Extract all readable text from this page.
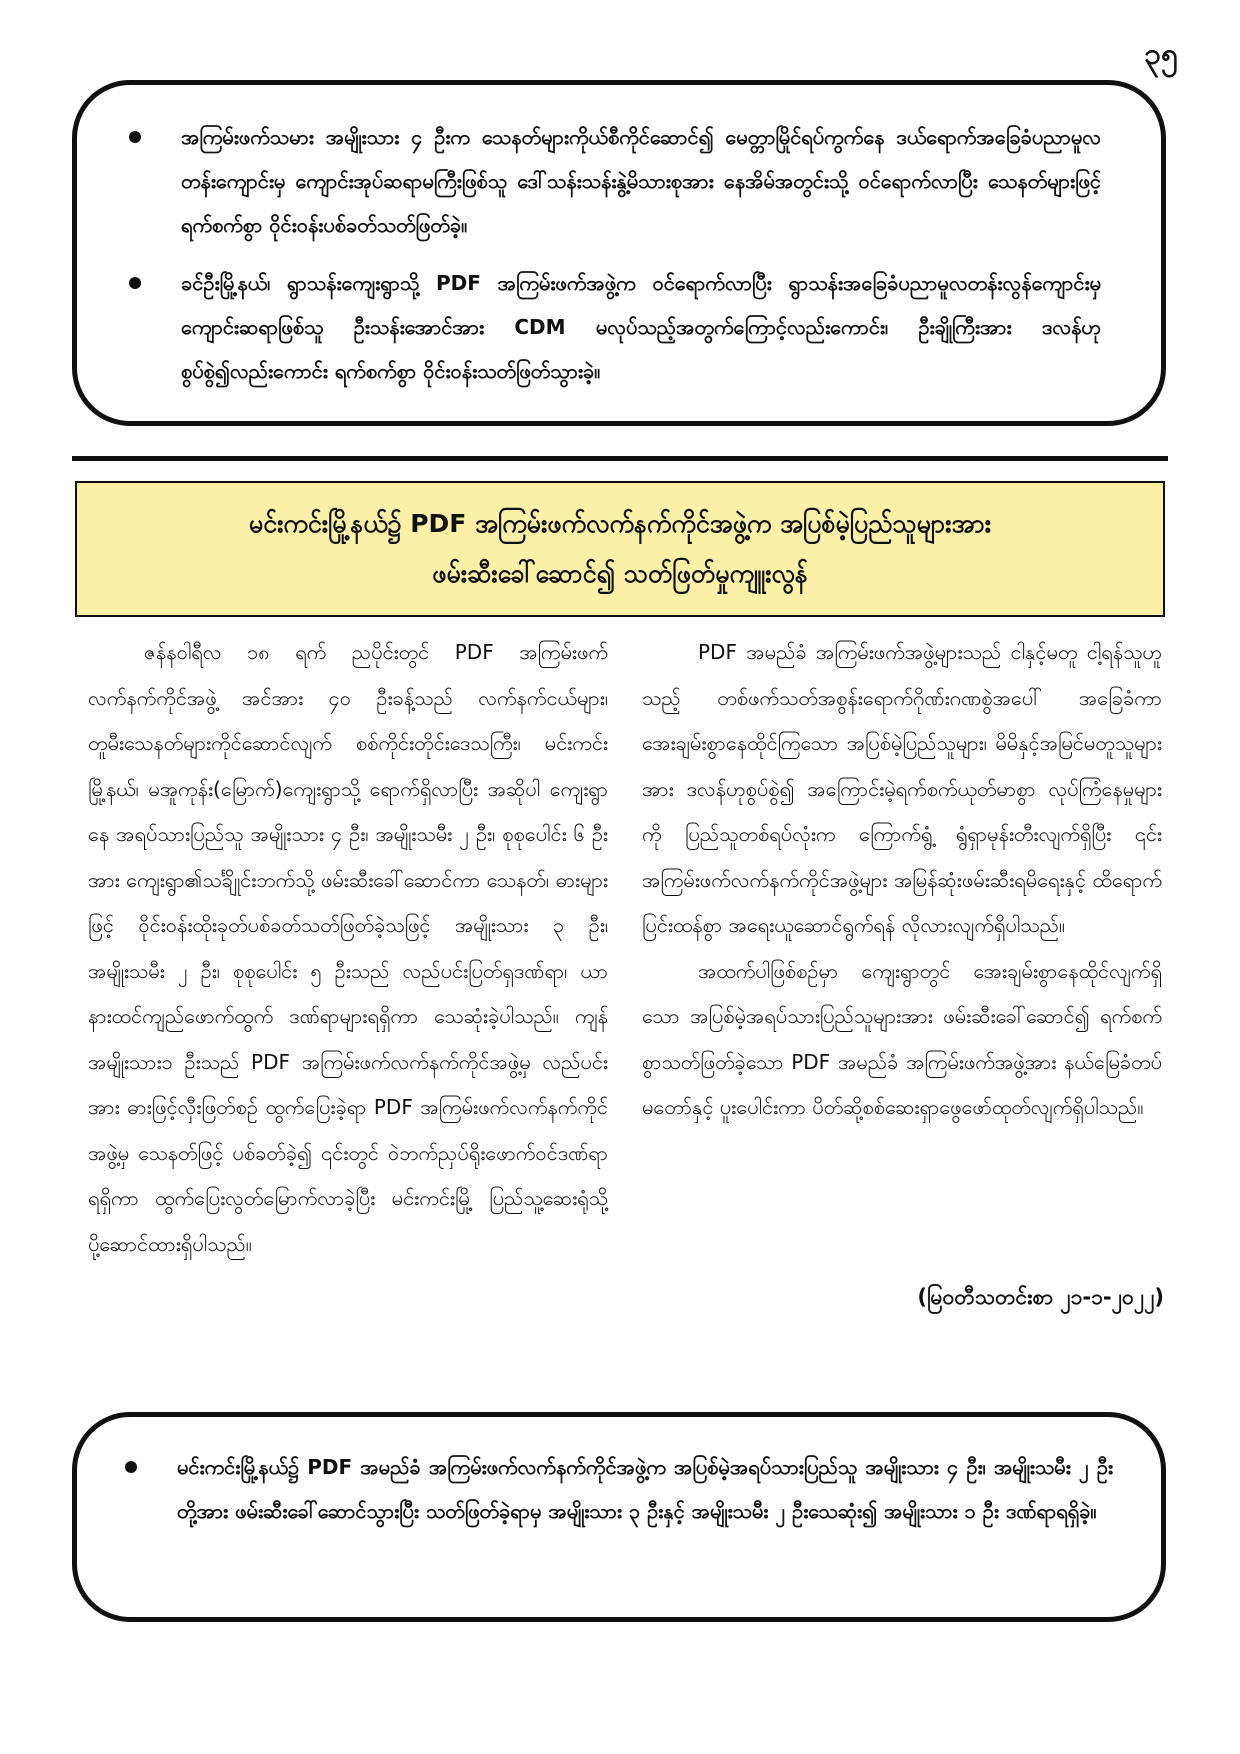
၃၅
အကြမ်းဖက်သမား အမျိုးသား ၄ ဦးက သေနတ်များကိုယ်စီကိုင်ဆောင်၍ မေတ္တာမြိုင်ရပ်ကွက်နေ ဒယ်ရောက်အခြေခံပညာမူလတန်းကျောင်းမှ ကျောင်းအုပ်ဆရာမကြီးဖြစ်သူ ဒေါ်သန်းသန်းနွဲ့မိသားစုအား နေအိမ်အတွင်းသို့ ဝင်ရောက်လာပြီး သေနတ်များဖြင့် ရက်စက်စွာ ဝိုင်းဝန်းပစ်ခတ်သတ်ဖြတ်ခဲ့။
ခင်ဦးမြို့နယ်၊ ရွာသန်းကျေးရွာသို့ PDF အကြမ်းဖက်အဖွဲ့က ဝင်ရောက်လာပြီး ရွာသန်းအခြေခံပညာမူလတန်းလွန်ကျောင်းမှ ကျောင်းဆရာဖြစ်သူ ဦးသန်းအောင်အား CDM မလုပ်သည့်အတွက်ကြောင့်လည်းကောင်း၊ ဦးချိုကြီးအား ဒလန်ဟုစွပ်စွဲ၍လည်းကောင်း ရက်စက်စွာ ဝိုင်းဝန်းသတ်ဖြတ်သွားခဲ့။
မင်းကင်းမြို့နယ်၌ PDF အကြမ်းဖက်လက်နက်ကိုင်အဖွဲ့က အပြစ်မဲ့ပြည်သူများအား
ဖမ်းဆီးခေါ်ဆောင်၍ သတ်ဖြတ်မှုကျူးလွန်

ဇန်နဝါရီလ ၁၈ ရက် ညပိုင်းတွင် PDF အကြမ်းဖက်လက်နက်ကိုင်အဖွဲ့ အင်အား ၄၀ ဦးခန့်သည် လက်နက်ငယ်များ၊ တူမီးသေနတ်များကိုင်ဆောင်လျက် စစ်ကိုင်းတိုင်းဒေသကြီး၊ မင်းကင်းမြို့နယ်၊ မအူကုန်း(မြောက်)ကျေးရွာသို့ ရောက်ရှိလာပြီး အဆိုပါ ကျေးရွာနေ အရပ်သားပြည်သူ အမျိုးသား ၄ ဦး၊ အမျိုးသမီး ၂ ဦး၊ စုစုပေါင်း ၆ ဦးအား ကျေးရွာ၏သင်္ချိုင်းဘက်သို့ ဖမ်းဆီးခေါ်ဆောင်ကာ သေနတ်၊ ဓားများဖြင့် ဝိုင်းဝန်းထိုးခုတ်ပစ်ခတ်သတ်ဖြတ်ခဲ့သဖြင့် အမျိုးသား ၃ ဦး၊ အမျိုးသမီး ၂ ဦး၊ စုစုပေါင်း ၅ ဦးသည် လည်ပင်းပြတ်ရှဒဏ်ရာ၊ ယာနားထင်ကျည်ဖောက်ထွက် ဒဏ်ရာများရရှိကာ သေဆုံးခဲ့ပါသည်။ ကျန်အမျိုးသား၁ ဦးသည် PDF အကြမ်းဖက်လက်နက်ကိုင်အဖွဲ့မှ လည်ပင်းအား ဓားဖြင့်လှီးဖြတ်စဉ် ထွက်ပြေးခဲ့ရာ PDF အကြမ်းဖက်လက်နက်ကိုင်အဖွဲ့မှ သေနတ်ဖြင့် ပစ်ခတ်ခဲ့၍ ၎င်းတွင် ဝဲဘက်ညှပ်ရိုးဖောက်ဝင်ဒဏ်ရာရရှိကာ ထွက်ပြေးလွတ်မြောက်လာခဲ့ပြီး မင်းကင်းမြို့ ပြည်သူ့ဆေးရုံသို့ ပို့ဆောင်ထားရှိပါသည်။

PDF အမည်ခံ အကြမ်းဖက်အဖွဲ့များသည် ငါနှင့်မတူ ငါ့ရန်သူဟူသည့် တစ်ဖက်သတ်အစွန်းရောက်ဂိုဏ်းဂဏစွဲအပေါ် အခြေခံကာ အေးချမ်းစွာနေထိုင်ကြသော အပြစ်မဲ့ပြည်သူများ၊ မိမိနှင့်အမြင်မတူသူများအား ဒလန်ဟုစွပ်စွဲ၍ အကြောင်းမဲ့ရက်စက်ယုတ်မာစွာ လုပ်ကြံနေမှုများကို ပြည်သူတစ်ရပ်လုံးက ကြောက်ရွံ့ ရွံရှာမုန်းတီးလျက်ရှိပြီး ၎င်းအကြမ်းဖက်လက်နက်ကိုင်အဖွဲ့များ အမြန်ဆုံးဖမ်းဆီးရမိရေးနှင့် ထိရောက်ပြင်းထန်စွာ အရေးယူဆောင်ရွက်ရန် လိုလားလျက်ရှိပါသည်။

အထက်ပါဖြစ်စဉ်မှာ ကျေးရွာတွင် အေးချမ်းစွာနေထိုင်လျက်ရှိသော အပြစ်မဲ့အရပ်သားပြည်သူများအား ဖမ်းဆီးခေါ်ဆောင်၍ ရက်စက်စွာသတ်ဖြတ်ခဲ့သော PDF အမည်ခံ အကြမ်းဖက်အဖွဲ့အား နယ်မြေခံတပ်မတော်နှင့် ပူးပေါင်းကာ ပိတ်ဆို့စစ်ဆေးရှာဖွေဖော်ထုတ်လျက်ရှိပါသည်။

(မြဝတီသတင်းစာ ၂၁-၁-၂၀၂၂)
မင်းကင်းမြို့နယ်၌ PDF အမည်ခံ အကြမ်းဖက်လက်နက်ကိုင်အဖွဲ့က အပြစ်မဲ့အရပ်သားပြည်သူ အမျိုးသား ၄ ဦး၊ အမျိုးသမီး ၂ ဦးတို့အား ဖမ်းဆီးခေါ်ဆောင်သွားပြီး သတ်ဖြတ်ခဲ့ရာမှ အမျိုးသား ၃ ဦးနှင့် အမျိုးသမီး ၂ ဦးသေဆုံး၍ အမျိုးသား ၁ ဦး ဒဏ်ရာရရှိခဲ့။
